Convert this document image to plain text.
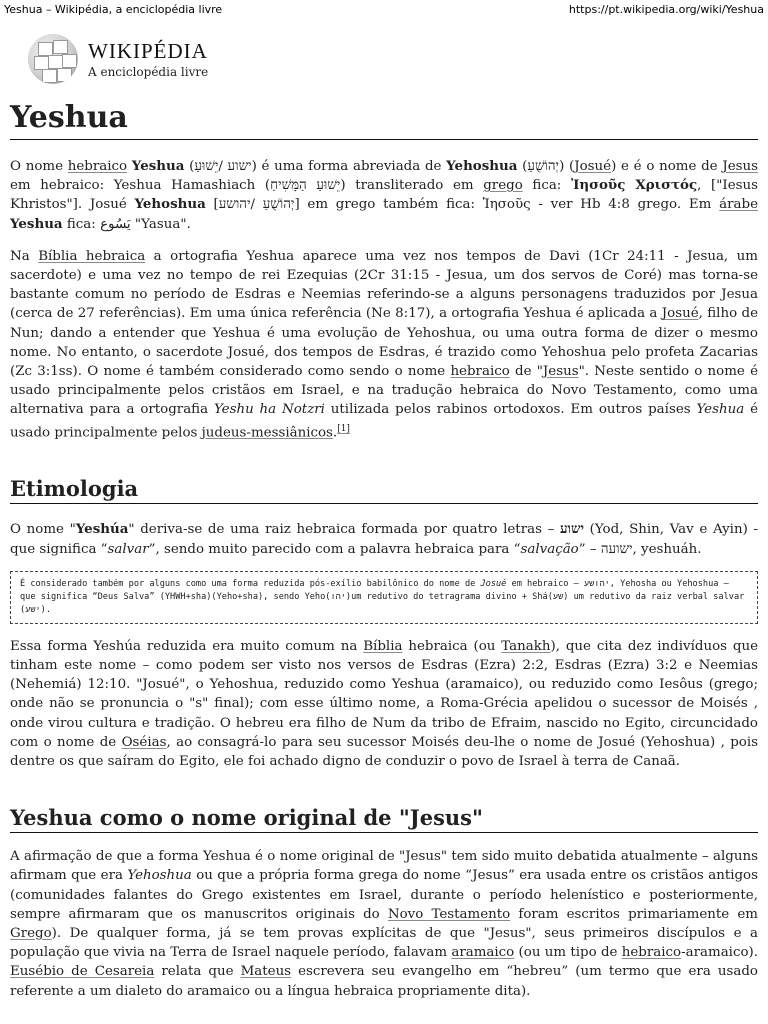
Yeshua – Wikipédia, a enciclopédia livre	https://pt.wikipedia.org/wiki/Yeshua
WIKIPÉDIA
A enciclopédia livre
Yeshua

O nome hebraico Yeshua (ישוע /יֵשׁוּעַ) é uma forma abreviada de Yehoshua (יְהוֹשֻׁעַ) (Josué) e é o nome de Jesus em hebraico: Yeshua Hamashiach (יֵשׁוּעַ הַמָּשִׁיחַ) transliterado em grego fica: Ἰησοῦς Χριστός, ["Iesus Khristos"]. Josué Yehoshua [יְהוֹשֻׁעַ /יהושע] em grego também fica: Ἰησοῦς - ver Hb 4:8 grego. Em árabe Yeshua fica: يَسُوع "Yasua".

Na Bíblia hebraica a ortografia Yeshua aparece uma vez nos tempos de Davi (1Cr 24:11 - Jesua, um sacerdote) e uma vez no tempo de rei Ezequias (2Cr 31:15 - Jesua, um dos servos de Coré) mas torna-se bastante comum no período de Esdras e Neemias referindo-se a alguns personagens traduzidos por Jesua (cerca de 27 referências). Em uma única referência (Ne 8:17), a ortografia Yeshua é aplicada a Josué, filho de Nun; dando a entender que Yeshua é uma evolução de Yehoshua, ou uma outra forma de dizer o mesmo nome. No entanto, o sacerdote Josué, dos tempos de Esdras, é trazido como Yehoshua pelo profeta Zacarias (Zc 3:1ss). O nome é também considerado como sendo o nome hebraico de "Jesus". Neste sentido o nome é usado principalmente pelos cristãos em Israel, e na tradução hebraica do Novo Testamento, como uma alternativa para a ortografia Yeshu ha Notzri utilizada pelos rabinos ortodoxos. Em outros países Yeshua é usado principalmente pelos judeus-messiânicos.[1]

Etimologia

O nome "Yeshúa" deriva-se de uma raiz hebraica formada por quatro letras – ישוע (Yod, Shin, Vav e Ayin) - que significa “salvar”, sendo muito parecido com a palavra hebraica para “salvação” – ישועה, yeshuáh.

É considerado também por alguns como uma forma reduzida pós-exílio babilônico do nome de Josué em hebraico – יהושע, Yehosha ou Yehoshua – que significa “Deus Salva” (YHWH+sha)(Yeho+sha), sendo Yeho(יהו)um redutivo do tetragrama divino + Shá(שע) um redutivo da raiz verbal salvar (ישע).

Essa forma Yeshúa reduzida era muito comum na Bíblia hebraica (ou Tanakh), que cita dez indivíduos que tinham este nome – como podem ser visto nos versos de Esdras (Ezra) 2:2, Esdras (Ezra) 3:2 e Neemias (Nehemiá) 12:10. "Josué", o Yehoshua, reduzido como Yeshua (aramaico), ou reduzido como Iesôus (grego; onde não se pronuncia o "s" final); com esse último nome, a Roma-Grécia apelidou o sucessor de Moisés , onde virou cultura e tradição. O hebreu era filho de Num da tribo de Efraim, nascido no Egito, circuncidado com o nome de Oséias, ao consagrá-lo para seu sucessor Moisés deu-lhe o nome de Josué (Yehoshua) , pois dentre os que saíram do Egito, ele foi achado digno de conduzir o povo de Israel à terra de Canaã.

Yeshua como o nome original de "Jesus"

A afirmação de que a forma Yeshua é o nome original de "Jesus" tem sido muito debatida atualmente – alguns afirmam que era Yehoshua ou que a própria forma grega do nome “Jesus” era usada entre os cristãos antigos (comunidades falantes do Grego existentes em Israel, durante o período helenístico e posteriormente, sempre afirmaram que os manuscritos originais do Novo Testamento foram escritos primariamente em Grego). De qualquer forma, já se tem provas explícitas de que "Jesus", seus primeiros discípulos e a população que vivia na Terra de Israel naquele período, falavam aramaico (ou um tipo de hebraico-aramaico). Eusébio de Cesareia relata que Mateus escrevera seu evangelho em “hebreu” (um termo que era usado referente a um dialeto do aramaico ou a língua hebraica propriamente dita).
